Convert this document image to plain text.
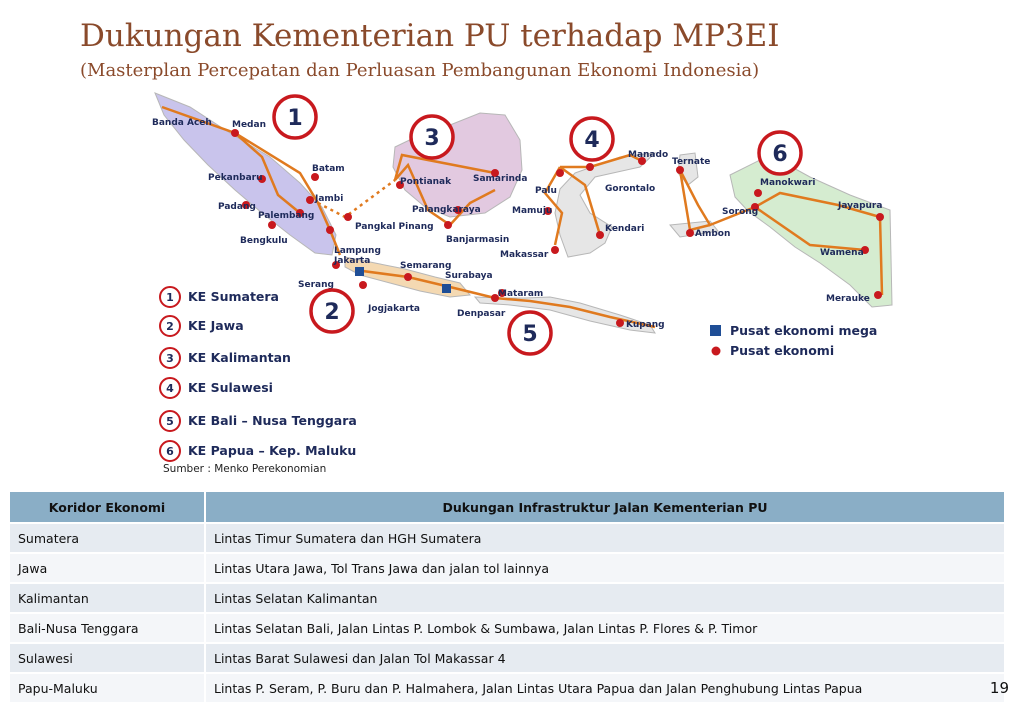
Dukungan Kementerian PU terhadap MP3EI
(Masterplan Percepatan dan Perluasan Pembangunan Ekonomi Indonesia)
Banda Aceh Medan
Batam
Pekanbaru
Jambi
Padang
Palembang
Bengkulu
Lampung
Jakarta
Serang
Pontianak Samarinda
Palangkaraya
Pangkal Pinang
Banjarmasin
Semarang
Surabaya
Jogjakarta
Mataram
Denpasar
Kupang
Manado
Gorontalo
Palu
Mamuju
Kendari
Makassar
Ternate
Manokwari
Sorong
Ambon
Jayapura
Wamena
Merauke
1
3	4
6
2
5
1 KE Sumatera
2 KE Jawa
3 KE Kalimantan
4 KE Sulawesi
5 KE Bali – Nusa Tenggara
6 KE Papua – Kep. Maluku
Pusat ekonomi mega
Pusat ekonomi
Sumber : Menko Perekonomian
Koridor Ekonomi	Dukungan Infrastruktur Jalan Kementerian PU
Sumatera	Lintas Timur Sumatera dan HGH Sumatera
Jawa	Lintas Utara Jawa, Tol Trans Jawa dan jalan tol lainnya
Kalimantan	Lintas Selatan Kalimantan
Bali-Nusa Tenggara	Lintas Selatan Bali, Jalan Lintas P. Lombok & Sumbawa, Jalan Lintas P. Flores & P. Timor
Sulawesi	Lintas Barat Sulawesi dan Jalan Tol Makassar 4
Papu-Maluku	Lintas P. Seram, P. Buru dan P. Halmahera, Jalan Lintas Utara Papua dan Jalan Penghubung Lintas Papua	19
